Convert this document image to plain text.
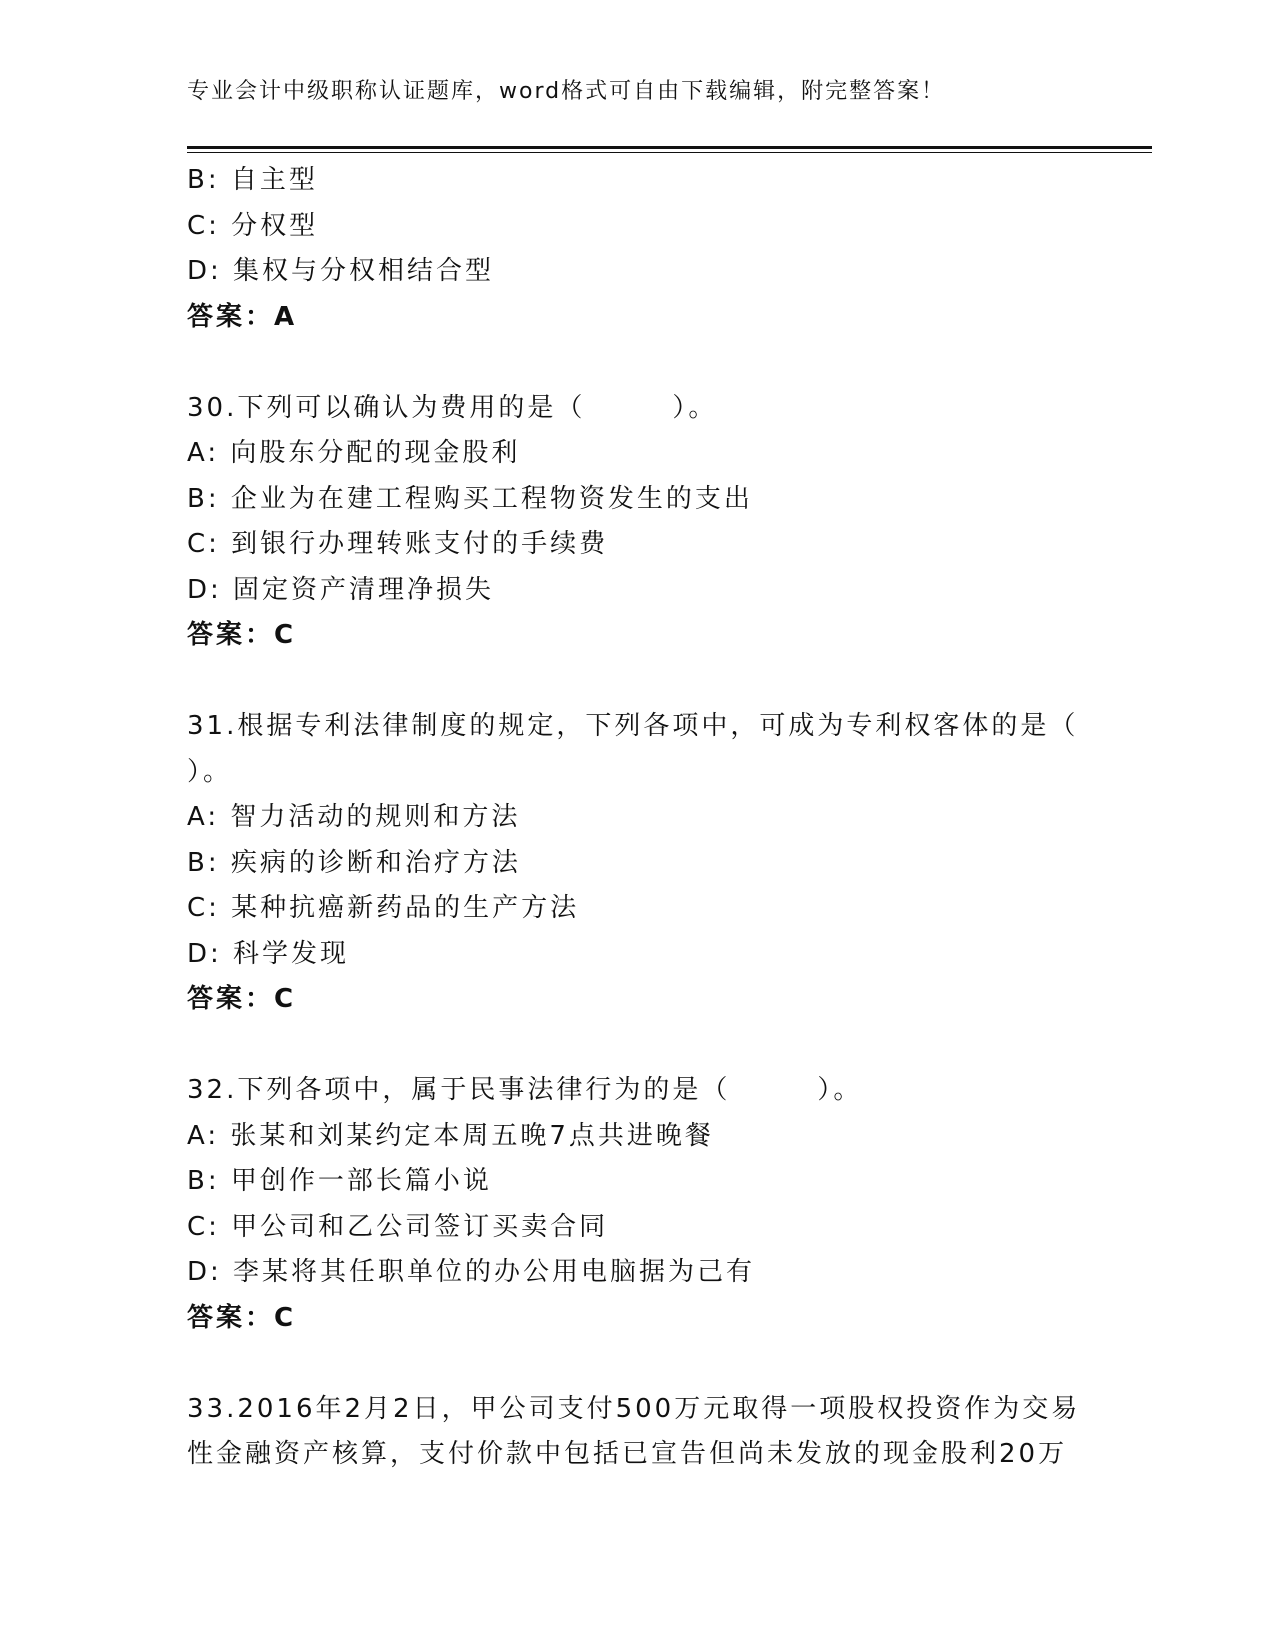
专业会计中级职称认证题库，word格式可自由下载编辑，附完整答案！
B: 自主型
C: 分权型
D: 集权与分权相结合型
答案：A
30.下列可以确认为费用的是（　　　）。
A: 向股东分配的现金股利
B: 企业为在建工程购买工程物资发生的支出
C: 到银行办理转账支付的手续费
D: 固定资产清理净损失
答案：C
31.根据专利法律制度的规定，下列各项中，可成为专利权客体的是（
）。
A: 智力活动的规则和方法
B: 疾病的诊断和治疗方法
C: 某种抗癌新药品的生产方法
D: 科学发现
答案：C
32.下列各项中，属于民事法律行为的是（　　　）。
A: 张某和刘某约定本周五晚7点共进晚餐
B: 甲创作一部长篇小说
C: 甲公司和乙公司签订买卖合同
D: 李某将其任职单位的办公用电脑据为己有
答案：C
33.2016年2月2日，甲公司支付500万元取得一项股权投资作为交易
性金融资产核算，支付价款中包括已宣告但尚未发放的现金股利20万
